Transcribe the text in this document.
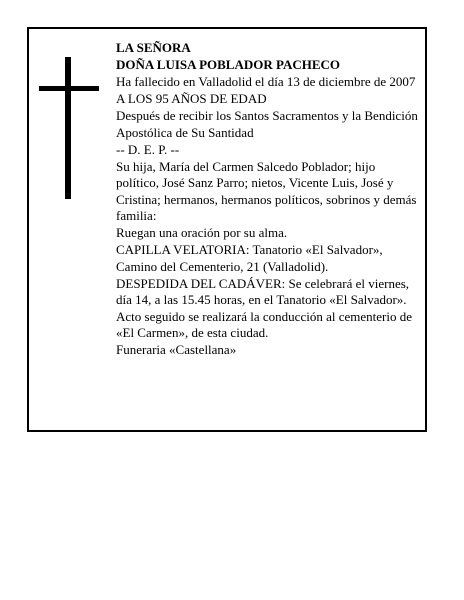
LA SEÑORA

DOÑA LUISA POBLADOR PACHECO

Ha fallecido en Valladolid el día 13 de diciembre de 2007

A LOS 95 AÑOS DE EDAD

Después de recibir los Santos Sacramentos y la Bendición Apostólica de Su Santidad

-- D. E. P. --

Su hija, María del Carmen Salcedo Poblador; hijo político, José Sanz Parro; nietos, Vicente Luis, José y Cristina; hermanos, hermanos políticos, sobrinos y demás familia:

Ruegan una oración por su alma.

CAPILLA VELATORIA: Tanatorio «El Salvador», Camino del Cementerio, 21 (Valladolid).

DESPEDIDA DEL CADÁVER: Se celebrará el viernes, día 14, a las 15.45 horas, en el Tanatorio «El Salvador». Acto seguido se realizará la conducción al cementerio de «El Carmen», de esta ciudad.

Funeraria «Castellana»
